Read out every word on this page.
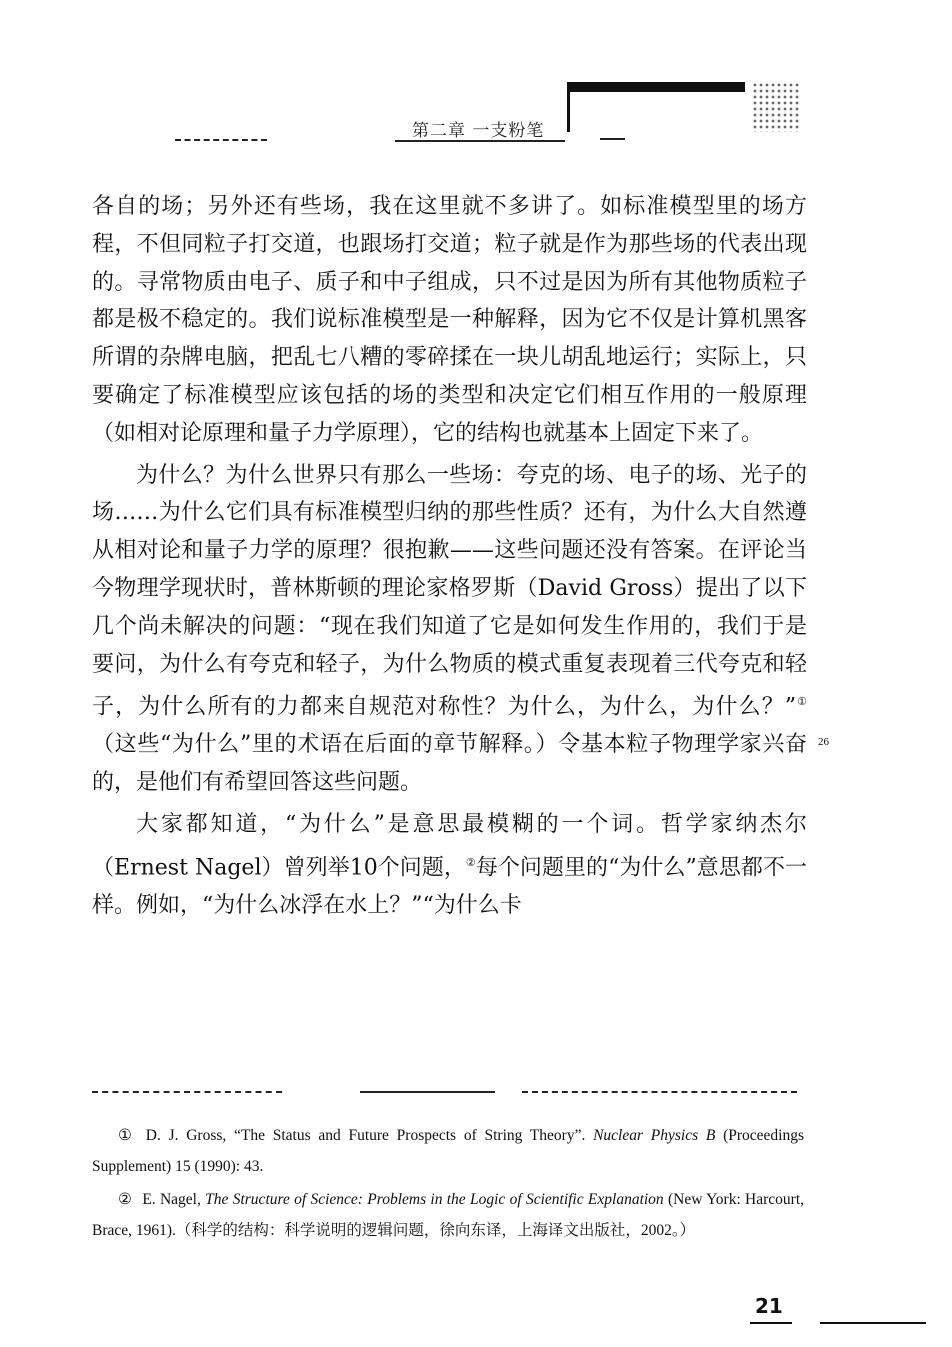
第二章 一支粉笔

各自的场；另外还有些场，我在这里就不多讲了。如标准模型里的场方程，不但同粒子打交道，也跟场打交道；粒子就是作为那些场的代表出现的。寻常物质由电子、质子和中子组成，只不过是因为所有其他物质粒子都是极不稳定的。我们说标准模型是一种解释，因为它不仅是计算机黑客所谓的杂牌电脑，把乱七八糟的零碎揉在一块儿胡乱地运行；实际上，只要确定了标准模型应该包括的场的类型和决定它们相互作用的一般原理（如相对论原理和量子力学原理），它的结构也就基本上固定下来了。

为什么？为什么世界只有那么一些场：夸克的场、电子的场、光子的场……为什么它们具有标准模型归纳的那些性质？还有，为什么大自然遵从相对论和量子力学的原理？很抱歉——这些问题还没有答案。在评论当今物理学现状时，普林斯顿的理论家格罗斯（David Gross）提出了以下几个尚未解决的问题：“现在我们知道了它是如何发生作用的，我们于是要问，为什么有夸克和轻子，为什么物质的模式重复表现着三代夸克和轻子，为什么所有的力都来自规范对称性？为什么，为什么，为什么？”①（这些“为什么”里的术语在后面的章节解释。）令基本粒子物理学家兴奋的，是他们有希望回答这些问题。

大家都知道，“为什么”是意思最模糊的一个词。哲学家纳杰尔（Ernest Nagel）曾列举10个问题，②每个问题里的“为什么”意思都不一样。例如，“为什么冰浮在水上？”“为什么卡

26

① D. J. Gross, “The Status and Future Prospects of String Theory”. Nuclear Physics B (Proceedings Supplement) 15 (1990): 43.

② E. Nagel, The Structure of Science: Problems in the Logic of Scientific Explanation (New York: Harcourt, Brace, 1961).（科学的结构：科学说明的逻辑问题，徐向东译，上海译文出版社，2002。）

21
